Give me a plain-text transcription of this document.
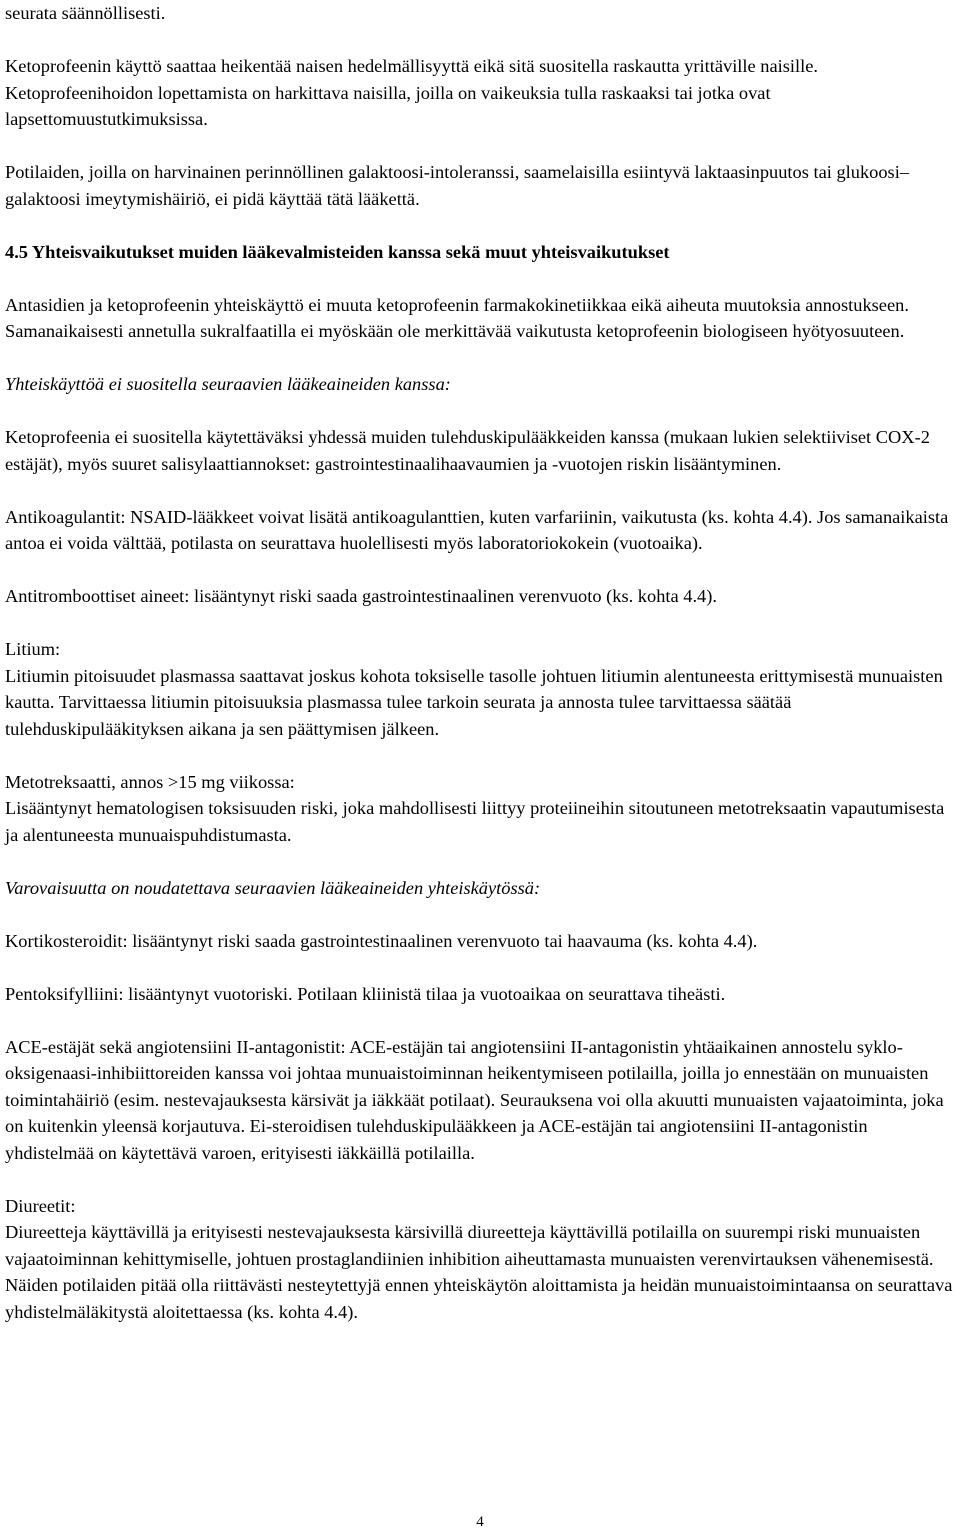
seurata säännöllisesti.

Ketoprofeenin käyttö saattaa heikentää naisen hedelmällisyyttä eikä sitä suositella raskautta yrittäville naisille. Ketoprofeenihoidon lopettamista on harkittava naisilla, joilla on vaikeuksia tulla raskaaksi tai jotka ovat lapsettomuustutkimuksissa.

Potilaiden, joilla on harvinainen perinnöllinen galaktoosi-intoleranssi, saamelaisilla esiintyvä laktaasinpuutos tai glukoosi–galaktoosi imeytymishäiriö, ei pidä käyttää tätä lääkettä.

4.5 Yhteisvaikutukset muiden lääkevalmisteiden kanssa sekä muut yhteisvaikutukset

Antasidien ja ketoprofeenin yhteiskäyttö ei muuta ketoprofeenin farmakokinetiikkaa eikä aiheuta muutoksia annostukseen. Samanaikaisesti annetulla sukralfaatilla ei myöskään ole merkittävää vaikutusta ketoprofeenin biologiseen hyötyosuuteen.

Yhteiskäyttöä ei suositella seuraavien lääkeaineiden kanssa:

Ketoprofeenia ei suositella käytettäväksi yhdessä muiden tulehduskipulääkkeiden kanssa (mukaan lukien selektiiviset COX-2 estäjät), myös suuret salisylaattiannokset: gastrointestinaalihaavaumien ja -vuotojen riskin lisääntyminen.

Antikoagulantit: NSAID-lääkkeet voivat lisätä antikoagulanttien, kuten varfariinin, vaikutusta (ks. kohta 4.4). Jos samanaikaista antoa ei voida välttää, potilasta on seurattava huolellisesti myös laboratoriokokein (vuotoaika).

Antitromboottiset aineet: lisääntynyt riski saada gastrointestinaalinen verenvuoto (ks. kohta 4.4).

Litium:

Litiumin pitoisuudet plasmassa saattavat joskus kohota toksiselle tasolle johtuen litiumin alentuneesta erittymisestä munuaisten kautta. Tarvittaessa litiumin pitoisuuksia plasmassa tulee tarkoin seurata ja annosta tulee tarvittaessa säätää tulehduskipulääkityksen aikana ja sen päättymisen jälkeen.

Metotreksaatti, annos >15 mg viikossa:

Lisääntynyt hematologisen toksisuuden riski, joka mahdollisesti liittyy proteiineihin sitoutuneen metotreksaatin vapautumisesta ja alentuneesta munuaispuhdistumasta.

Varovaisuutta on noudatettava seuraavien lääkeaineiden yhteiskäytössä:

Kortikosteroidit: lisääntynyt riski saada gastrointestinaalinen verenvuoto tai haavauma (ks. kohta 4.4).

Pentoksifylliini: lisääntynyt vuotoriski. Potilaan kliinistä tilaa ja vuotoaikaa on seurattava tiheästi.

ACE-estäjät sekä angiotensiini II-antagonistit: ACE-estäjän tai angiotensiini II-antagonistin yhtäaikainen annostelu syklo-oksigenaasi-inhibiittoreiden kanssa voi johtaa munuaistoiminnan heikentymiseen potilailla, joilla jo ennestään on munuaisten toimintahäiriö (esim. nestevajauksesta kärsivät ja iäkkäät potilaat). Seurauksena voi olla akuutti munuaisten vajaatoiminta, joka on kuitenkin yleensä korjautuva. Ei-steroidisen tulehduskipulääkkeen ja ACE-estäjän tai angiotensiini II-antagonistin yhdistelmää on käytettävä varoen, erityisesti iäkkäillä potilailla.

Diureetit:

Diureetteja käyttävillä ja erityisesti nestevajauksesta kärsivillä diureetteja käyttävillä potilailla on suurempi riski munuaisten vajaatoiminnan kehittymiselle, johtuen prostaglandiinien inhibition aiheuttamasta munuaisten verenvirtauksen vähenemisestä. Näiden potilaiden pitää olla riittävästi nesteytettyjä ennen yhteiskäytön aloittamista ja heidän munuaistoimintaansa on seurattava yhdistelmäläkitystä aloitettaessa (ks. kohta 4.4).

4
